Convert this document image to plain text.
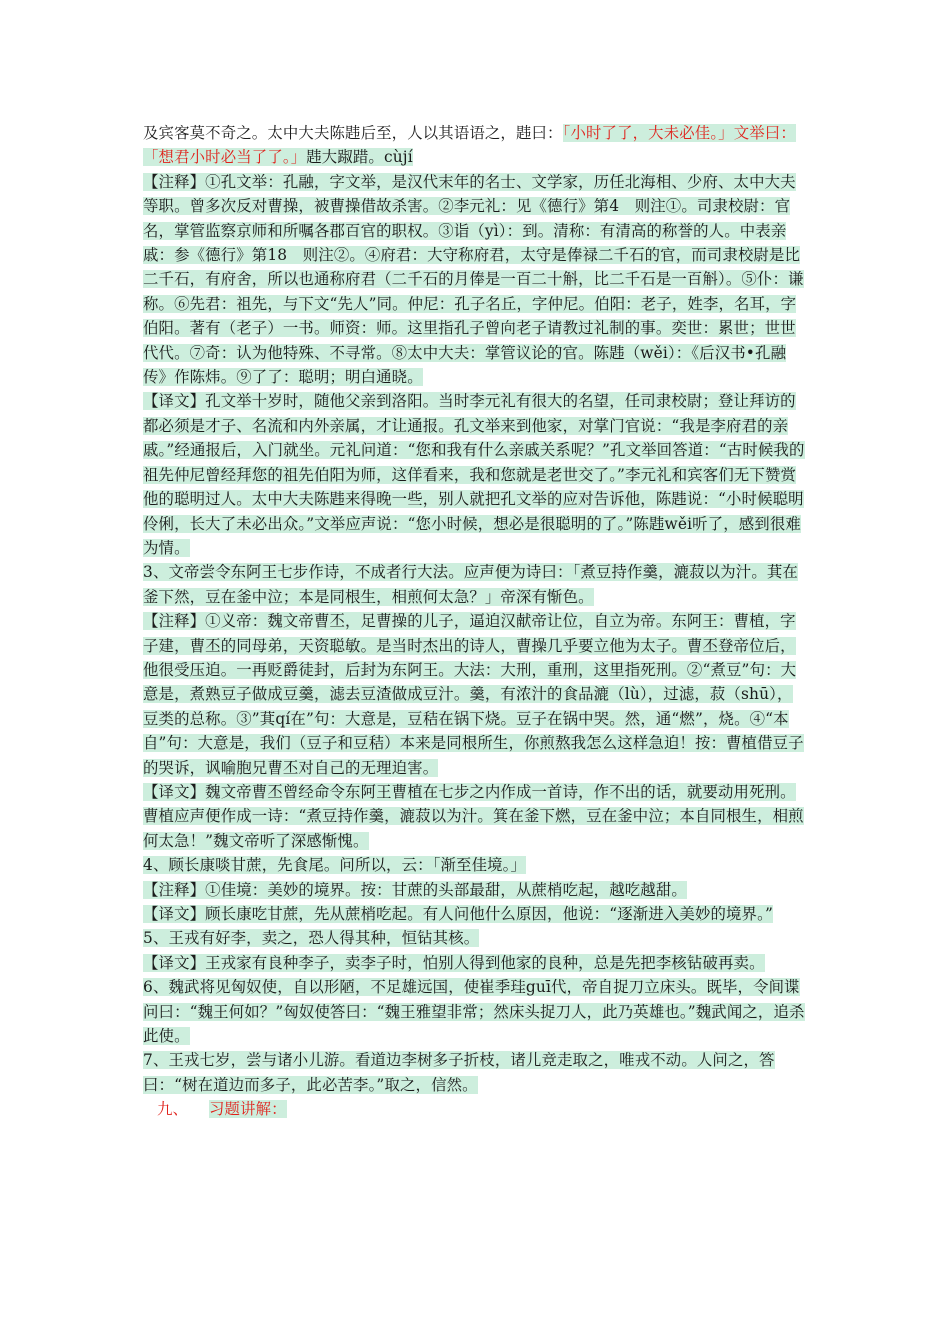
及宾客莫不奇之。太中大夫陈韪后至，人以其语语之，韪曰：「小时了了，大未必佳。」文举曰：「想君小时必当了了。」韪大踧踖。cùjí

【注释】①孔文举：孔融，字文举，是汉代末年的名士、文学家，历任北海相、少府、太中大夫等职。曾多次反对曹操，被曹操借故杀害。②李元礼：见《德行》第4　则注①。司隶校尉：官名，掌管监察京师和所嘱各郡百官的职权。③诣（yì）：到。清称：有清高的称誉的人。中表亲戚：参《德行》第18　则注②。④府君：大守称府君，太守是俸禄二千石的官，而司隶校尉是比二千石，有府舍，所以也通称府君（二千石的月俸是一百二十斛，比二千石是一百斛）。⑤仆：谦称。⑥先君：祖先，与下文“先人”同。仲尼：孔子名丘，字仲尼。伯阳：老子，姓李，名耳，字伯阳。著有（老子）一书。师资：师。这里指孔子曾向老子请教过礼制的事。奕世：累世；世世代代。⑦奇：认为他特殊、不寻常。⑧太中大夫：掌管议论的官。陈韪（wěi）：《后汉书•孔融传》作陈炜。⑨了了：聪明；明白通晓。

【译文】孔文举十岁时，随他父亲到洛阳。当时李元礼有很大的名望，任司隶校尉；登让拜访的都必须是才子、名流和内外亲属，才让通报。孔文举来到他家，对掌门官说：“我是李府君的亲戚。”经通报后，入门就坐。元礼问道：“您和我有什么亲戚关系呢？”孔文举回答道：“古时候我的祖先仲尼曾经拜您的祖先伯阳为师，这佯看来，我和您就是老世交了。”李元礼和宾客们无下赞赏他的聪明过人。太中大夫陈韪来得晚一些，别人就把孔文举的应对告诉他，陈韪说：“小时候聪明伶俐，长大了未必出众。”文举应声说：“您小时候，想必是很聪明的了。”陈韪wěi听了，感到很难为情。

3、文帝尝令东阿王七步作诗，不成者行大法。应声便为诗曰：「煮豆持作羹，漉菽以为汁。萁在釜下然，豆在釜中泣；本是同根生，相煎何太急？」帝深有惭色。

【注释】①义帝：魏文帝曹丕，足曹操的儿子，逼迫汉献帝让位，自立为帝。东阿王：曹植，字子建，曹丕的同母弟，天资聪敏。是当时杰出的诗人，曹操几乎要立他为太子。曹丕登帝位后，他很受压迫。一再贬爵徒封，后封为东阿王。大法：大刑，重刑，这里指死刑。②“煮豆”句：大意是，煮熟豆子做成豆羹，滤去豆渣做成豆汁。羹，有浓汁的食品漉（lù），过滤，菽（shū），豆类的总称。③”萁qí在”句：大意是，豆秸在锅下烧。豆子在锅中哭。然，通“燃”，烧。④“本自”句：大意是，我们（豆子和豆秸）本来是同根所生，你煎熬我怎么这样急迫！按：曹植借豆子的哭诉，讽喻胞兄曹丕对自己的无理迫害。

【译文】魏文帝曹丕曾经命令东阿王曹植在七步之内作成一首诗，作不出的话，就要动用死刑。曹植应声便作成一诗：“煮豆持作羹，漉菽以为汁。箕在釜下燃，豆在釜中泣；本自同根生，相煎何太急！”魏文帝听了深感惭愧。

4、顾长康啖甘蔗，先食尾。问所以，云：「渐至佳境。」

【注释】①佳境：美妙的境界。按：甘蔗的头部最甜，从蔗梢吃起，越吃越甜。

【译文】顾长康吃甘蔗，先从蔗梢吃起。有人问他什么原因，他说：“逐渐进入美妙的境界。”

5、王戎有好李，卖之，恐人得其种，恒钻其核。

【译文】王戎家有良种李子，卖李子时，怕别人得到他家的良种，总是先把李核钻破再卖。

6、魏武将见匈奴使，自以形陋，不足雄远国，使崔季珪guī代，帝自捉刀立床头。既毕，令间谍问曰：“魏王何如？”匈奴使答曰：“魏王雅望非常；然床头捉刀人，此乃英雄也。”魏武闻之，追杀此使。

7、王戎七岁，尝与诸小儿游。看道边李树多子折枝，诸儿竞走取之，唯戎不动。人问之，答曰：“树在道边而多子，此必苦李。”取之，信然。

九、 习题讲解：
